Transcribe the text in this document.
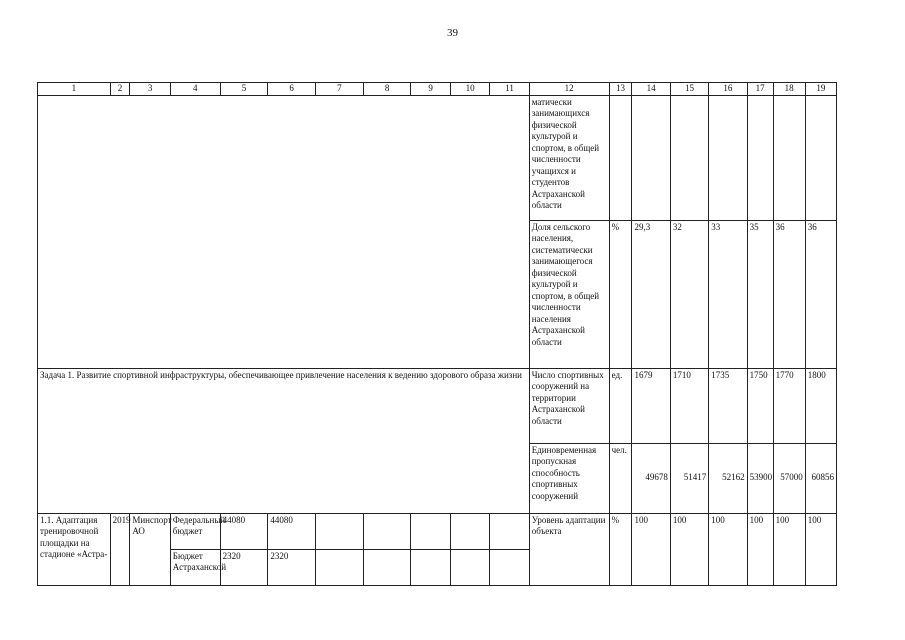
39
1	2	3	4	5	6	7	8	9	10	11	12	13	14	15	16	17	18	19
											матически занимающихся физической культурой и спортом, в общей численности учащихся и студентов Астраханской области							
											Доля сельского населения, систематически занимающегося физической культурой и спортом, в общей численности населения Астраханской области	%	29,3	32	33	35	36	36
Задача 1. Развитие спортивной инфраструктуры, обеспечивающее привлечение населения к ведению здорового образа жизни											Число спортивных сооружений на территории Астраханской области	ед.	1679	1710	1735	1750	1770	1800
											Единовременная пропускная способность спортивных сооружений	чел.	49678	51417	52162	53900	57000	60856
1.1. Адаптация тренировочной площадки на стадионе «Астра-	2019	Минспорт АО	Федеральный бюджет	44080	44080						Уровень адаптации объекта	%	100	100	100	100	100	100
			Бюджет Астраханской	2320	2320													
